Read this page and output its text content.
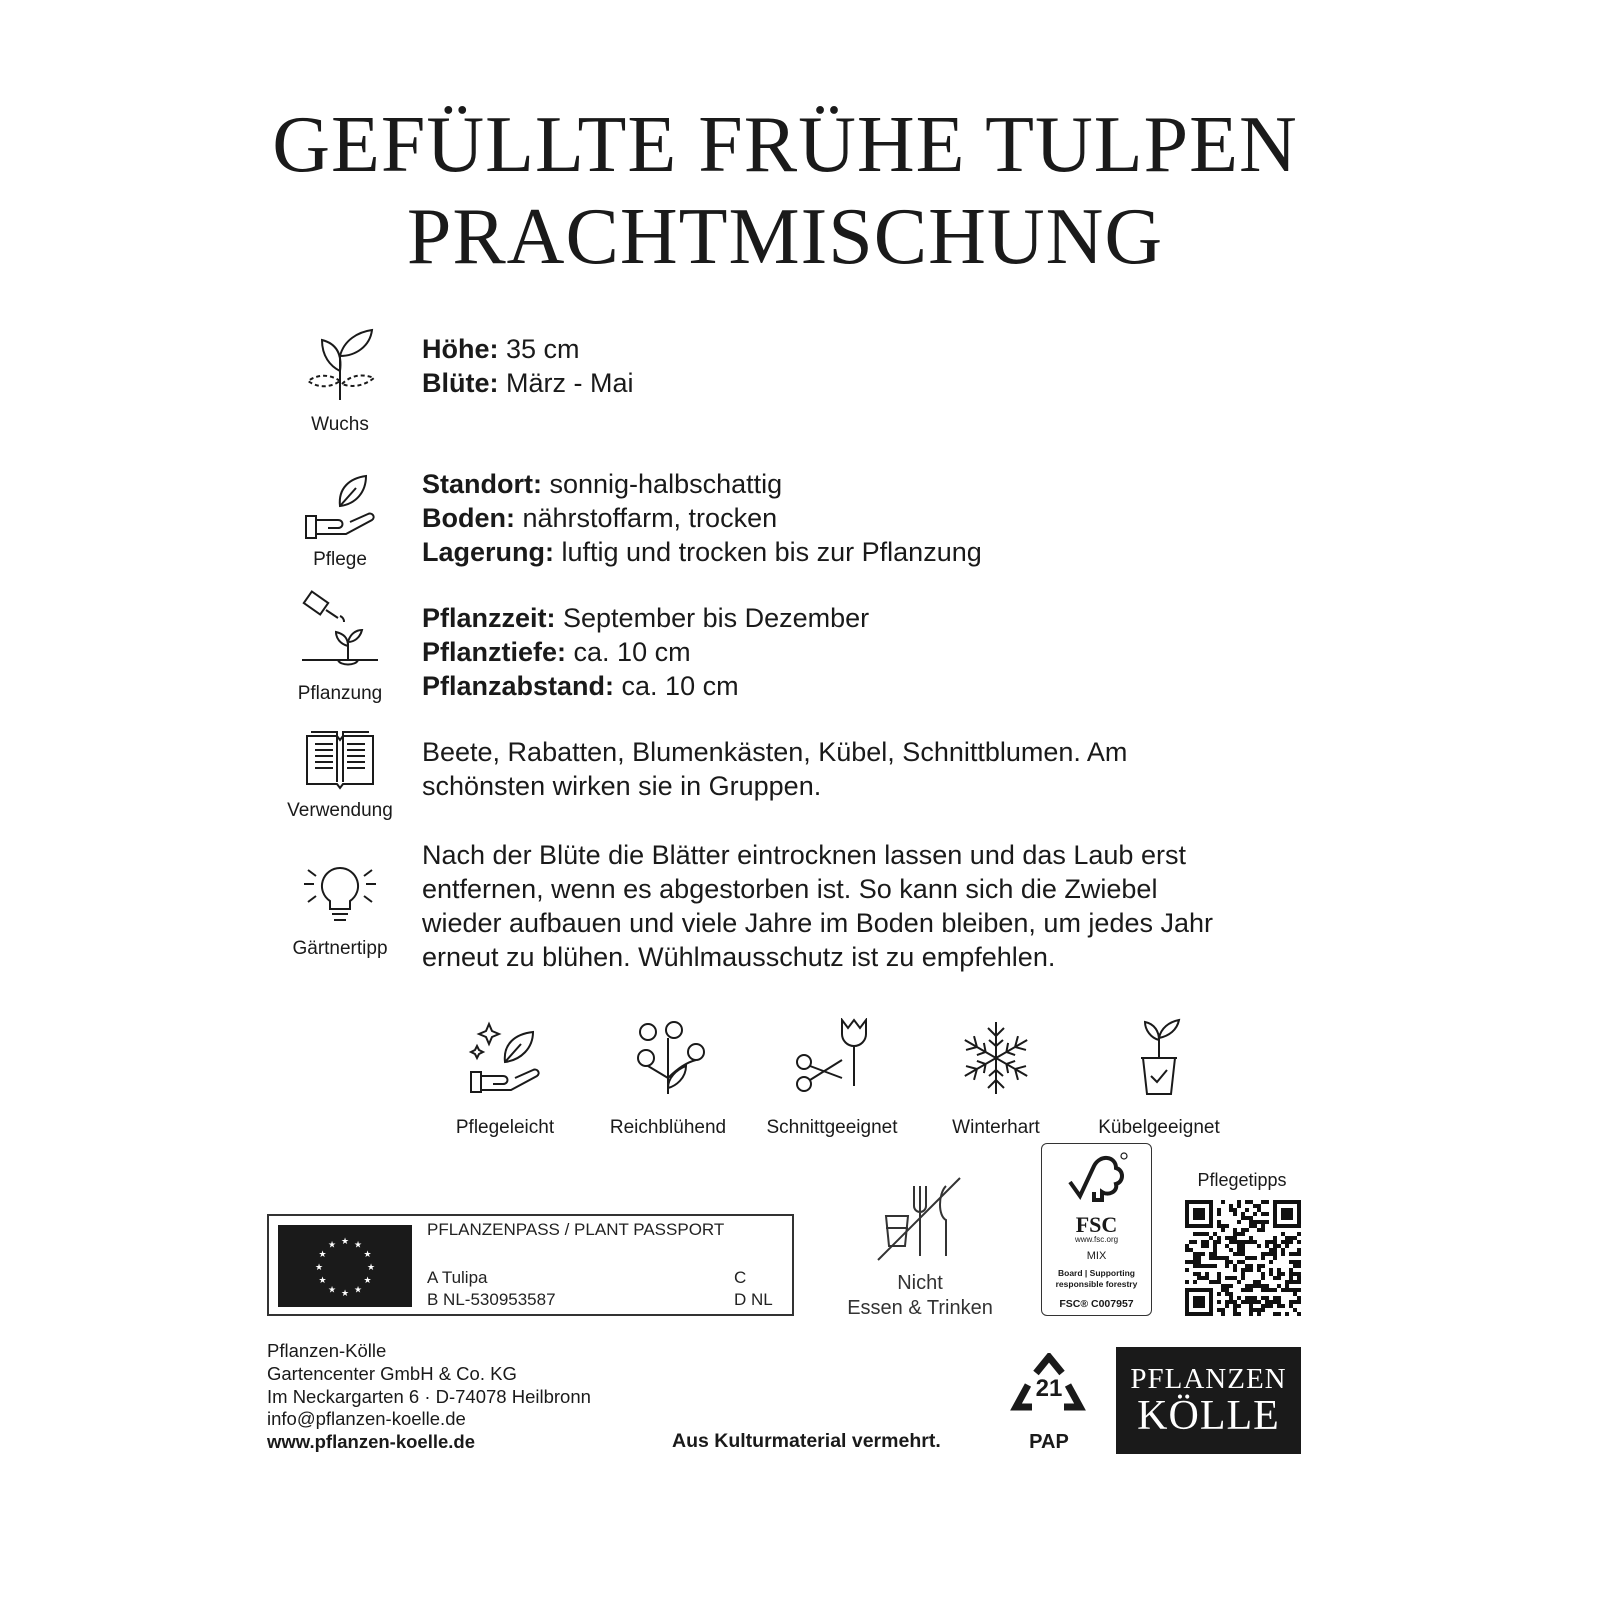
GEFÜLLTE FRÜHE TULPEN
PRACHTMISCHUNG
Wuchs
Pflege
Pflanzung
Verwendung
Gärtnertipp
Höhe: 35 cm
Blüte: März - Mai
Standort: sonnig-halbschattig
Boden: nährstoffarm, trocken
Lagerung: luftig und trocken bis zur Pflanzung
Pflanzzeit: September bis Dezember
Pflanztiefe: ca. 10 cm
Pflanzabstand: ca. 10 cm
Beete, Rabatten, Blumenkästen, Kübel, Schnittblumen. Am
schönsten wirken sie in Gruppen.
Nach der Blüte die Blätter eintrocknen lassen und das Laub erst
entfernen, wenn es abgestorben ist. So kann sich die Zwiebel
wieder aufbauen und viele Jahre im Boden bleiben, um jedes Jahr
erneut zu blühen. Wühlmausschutz ist zu empfehlen.
Pflegeleicht	Reichblühend	Schnittgeeignet	Winterhart	Kübelgeeignet
★ ★
★
★
★
★
★
★
★
★
★
★
PFLANZENPASS / PLANT PASSPORT
A Tulipa
B NL-530953587
C
D NL
Nicht
Essen & Trinken
FSC
www.fsc.org
MIX
Board | Supporting
responsible forestry
FSC® C007957
Pflegetipps
Pflanzen-Kölle
Gartencenter GmbH & Co. KG
Im Neckargarten 6 · D-74078 Heilbronn
info@pflanzen-koelle.de
www.pflanzen-koelle.de	Aus Kulturmaterial vermehrt.
21
PAP
PFLANZEN
KÖLLE
